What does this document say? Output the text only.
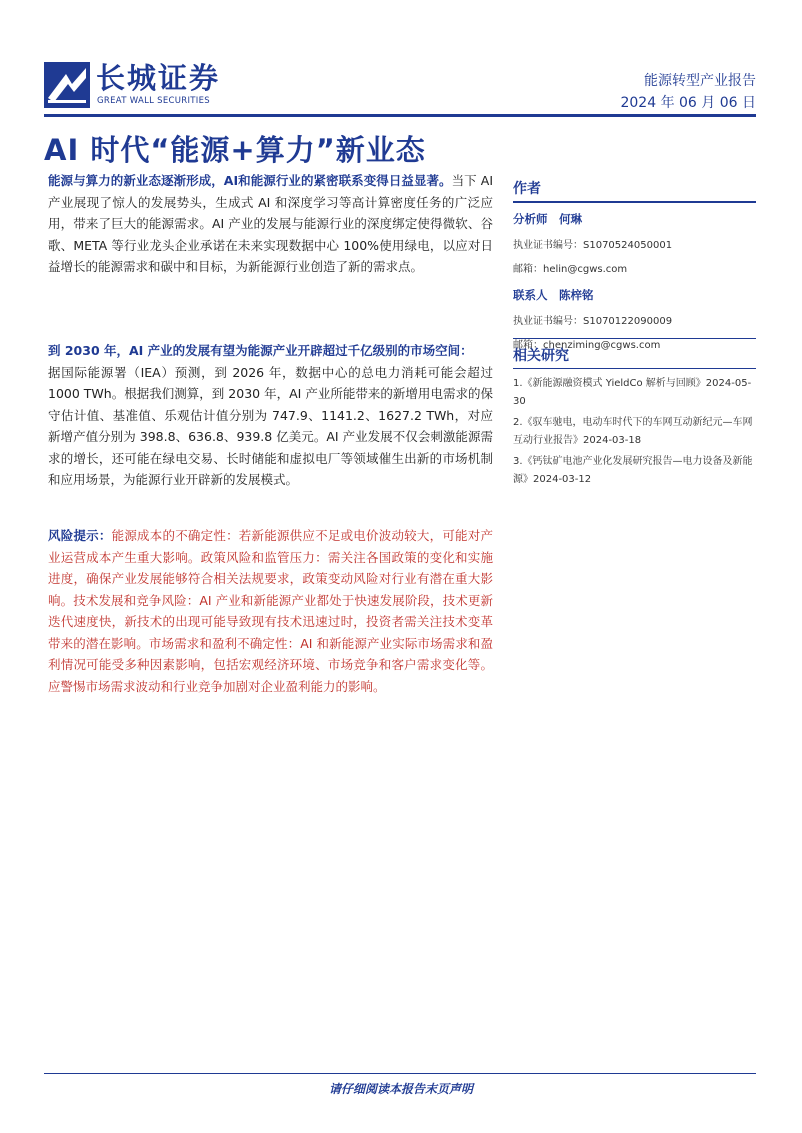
长城证券
GREAT WALL SECURITIES
能源转型产业报告
2024 年 06 月 06 日
AI 时代“能源+算力”新业态
能源与算力的新业态逐渐形成，AI和能源行业的紧密联系变得日益显著。当下 AI 产业展现了惊人的发展势头，生成式 AI 和深度学习等高计算密度任务的广泛应用，带来了巨大的能源需求。AI 产业的发展与能源行业的深度绑定使得微软、谷歌、META 等行业龙头企业承诺在未来实现数据中心 100%使用绿电，以应对日益增长的能源需求和碳中和目标，为新能源行业创造了新的需求点。
到 2030 年，AI 产业的发展有望为能源产业开辟超过千亿级别的市场空间：
据国际能源署（IEA）预测，到 2026 年，数据中心的总电力消耗可能会超过 1000 TWh。根据我们测算，到 2030 年，AI 产业所能带来的新增用电需求的保守估计值、基准值、乐观估计值分别为 747.9、1141.2、1627.2 TWh，对应新增产值分别为 398.8、636.8、939.8 亿美元。AI 产业发展不仅会刺激能源需求的增长，还可能在绿电交易、长时储能和虚拟电厂等领域催生出新的市场机制和应用场景，为能源行业开辟新的发展模式。
风险提示：能源成本的不确定性：若新能源供应不足或电价波动较大，可能对产业运营成本产生重大影响。政策风险和监管压力：需关注各国政策的变化和实施进度，确保产业发展能够符合相关法规要求，政策变动风险对行业有潜在重大影响。技术发展和竞争风险：AI 产业和新能源产业都处于快速发展阶段，技术更新迭代速度快，新技术的出现可能导致现有技术迅速过时，投资者需关注技术变革带来的潜在影响。市场需求和盈利不确定性：AI 和新能源产业实际市场需求和盈利情况可能受多种因素影响，包括宏观经济环境、市场竞争和客户需求变化等。应警惕市场需求波动和行业竞争加剧对企业盈利能力的影响。
作者
分析师　何琳
执业证书编号：S1070524050001
邮箱：helin@cgws.com
联系人　陈梓铭
执业证书编号：S1070122090009
邮箱：chenziming@cgws.com
相关研究
1.《新能源融资模式 YieldCo 解析与回顾》2024-05-30
2.《驭车驰电，电动车时代下的车网互动新纪元—车网互动行业报告》2024-03-18
3.《钙钛矿电池产业化发展研究报告—电力设备及新能源》2024-03-12
请仔细阅读本报告末页声明
